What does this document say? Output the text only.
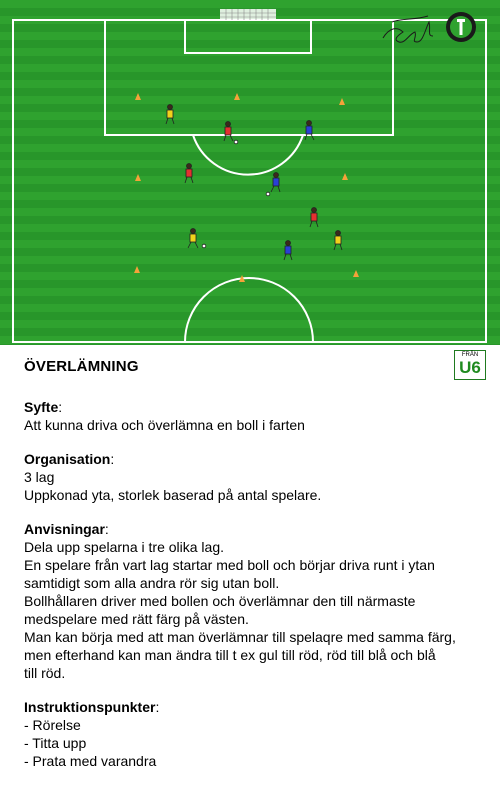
ÖVERLÄMNING
FRÅN
U6

Syfte:

Att kunna driva och överlämna en boll i farten

Organisation:

3 lag

Uppkonad yta, storlek baserad på antal spelare.

Anvisningar:

Dela upp spelarna i tre olika lag.

En spelare från vart lag startar med boll och börjar driva runt i ytan

samtidigt som alla andra rör sig utan boll.

Bollhållaren driver med bollen och överlämnar den till närmaste

medspelare med rätt färg på västen.

Man kan börja med att man överlämnar till spelaqre med samma färg,

men efterhand kan man ändra till t ex gul till röd, röd till blå och blå

till röd.

Instruktionspunkter:

- Rörelse

- Titta upp

- Prata med varandra
